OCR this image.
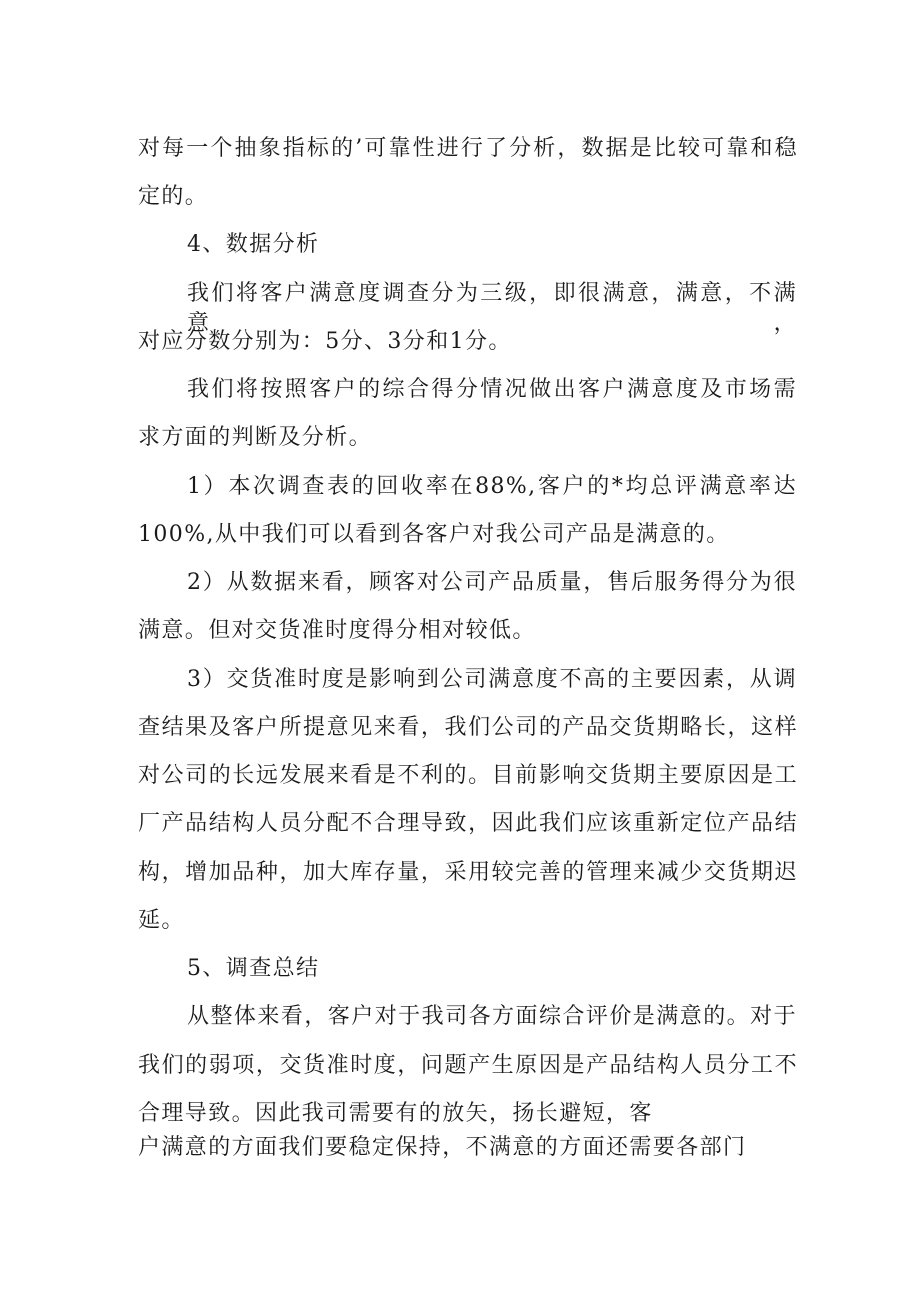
对每一个抽象指标的’可靠性进行了分析，数据是比较可靠和稳
定的。
4、数据分析
我们将客户满意度调查分为三级，即很满意，满意，不满意，
对应分数分别为：5分、3分和1分。
我们将按照客户的综合得分情况做出客户满意度及市场需
求方面的判断及分析。
1）本次调查表的回收率在88%,客户的*均总评满意率达
100%,从中我们可以看到各客户对我公司产品是满意的。
2）从数据来看，顾客对公司产品质量，售后服务得分为很
满意。但对交货准时度得分相对较低。
3）交货准时度是影响到公司满意度不高的主要因素，从调
查结果及客户所提意见来看，我们公司的产品交货期略长，这样
对公司的长远发展来看是不利的。目前影响交货期主要原因是工
厂产品结构人员分配不合理导致，因此我们应该重新定位产品结
构，增加品种，加大库存量，采用较完善的管理来减少交货期迟
延。
5、调查总结
从整体来看，客户对于我司各方面综合评价是满意的。对于
我们的弱项，交货准时度，问题产生原因是产品结构人员分工不
合理导致。因此我司需要有的放矢，扬长避短，客
户满意的方面我们要稳定保持，不满意的方面还需要各部门
